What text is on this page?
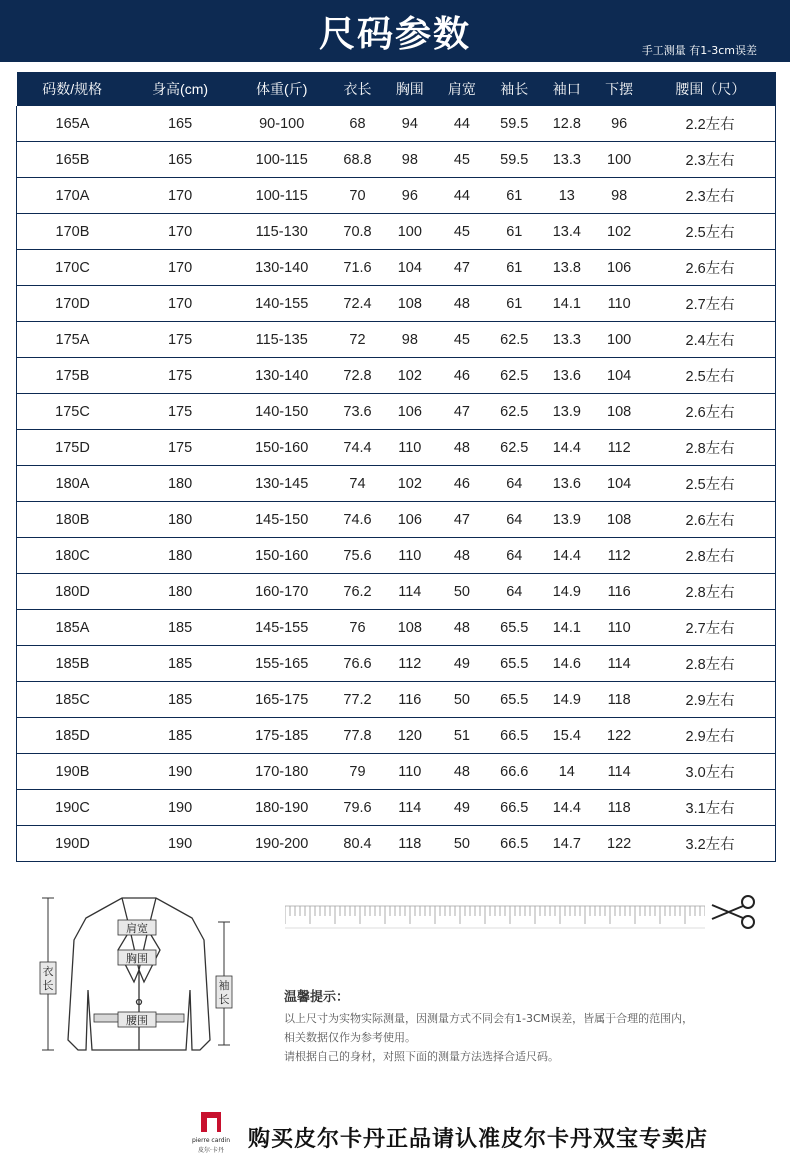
尺码参数	手工测量 有1-3cm误差
码数/规格	身高(cm)	体重(斤)	衣长	胸围	肩宽	袖长	袖口	下摆	腰围（尺）
165A	165	90-100	68	94	44	59.5	12.8	96	2.2左右
165B	165	100-115	68.8	98	45	59.5	13.3	100	2.3左右
170A	170	100-115	70	96	44	61	13	98	2.3左右
170B	170	115-130	70.8	100	45	61	13.4	102	2.5左右
170C	170	130-140	71.6	104	47	61	13.8	106	2.6左右
170D	170	140-155	72.4	108	48	61	14.1	110	2.7左右
175A	175	115-135	72	98	45	62.5	13.3	100	2.4左右
175B	175	130-140	72.8	102	46	62.5	13.6	104	2.5左右
175C	175	140-150	73.6	106	47	62.5	13.9	108	2.6左右
175D	175	150-160	74.4	110	48	62.5	14.4	112	2.8左右
180A	180	130-145	74	102	46	64	13.6	104	2.5左右
180B	180	145-150	74.6	106	47	64	13.9	108	2.6左右
180C	180	150-160	75.6	110	48	64	14.4	112	2.8左右
180D	180	160-170	76.2	114	50	64	14.9	116	2.8左右
185A	185	145-155	76	108	48	65.5	14.1	110	2.7左右
185B	185	155-165	76.6	112	49	65.5	14.6	114	2.8左右
185C	185	165-175	77.2	116	50	65.5	14.9	118	2.9左右
185D	185	175-185	77.8	120	51	66.5	15.4	122	2.9左右
190B	190	170-180	79	110	48	66.6	14	114	3.0左右
190C	190	180-190	79.6	114	49	66.5	14.4	118	3.1左右
190D	190	190-200	80.4	118	50	66.5	14.7	122	3.2左右
肩宽
胸围
腰围
衣长	袖长	温馨提示：
以上尺寸为实物实际测量，因测量方式不同会有1-3CM误差，皆属于合理的范围内，
相关数据仅作为参考使用。
请根据自己的身材，对照下面的测量方法选择合适尺码。
pierre cardin
皮尔·卡丹 购买皮尔卡丹正品请认准皮尔卡丹双宝专卖店
